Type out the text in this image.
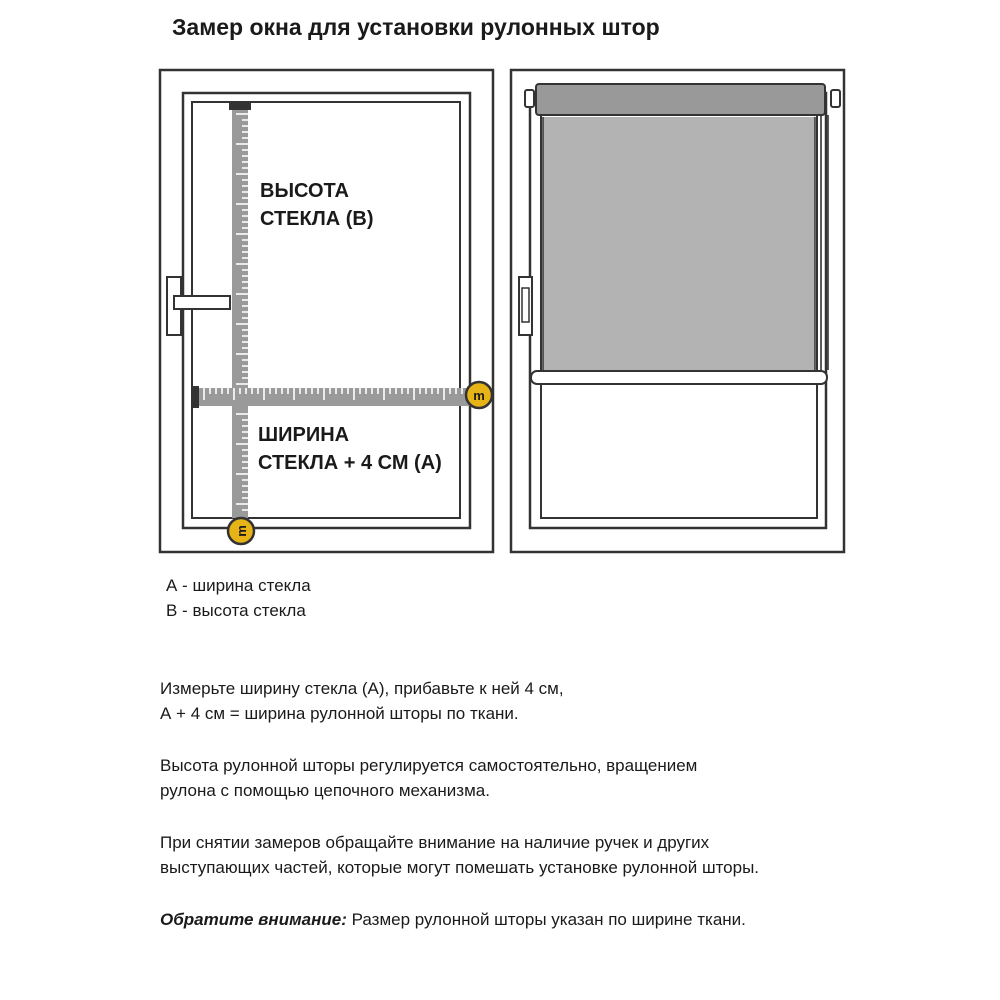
Замер окна для установки рулонных штор
m
m
ВЫСОТА
СТЕКЛА (В)
ШИРИНА
СТЕКЛА + 4 СМ (А)
А - ширина стекла
В - высота стекла

Измерьте ширину стекла (А), прибавьте к ней 4 см,
А + 4 см = ширина рулонной шторы по ткани.

Высота рулонной шторы регулируется самостоятельно, вращением
рулона с помощью цепочного механизма.

При снятии замеров обращайте внимание на наличие ручек и других
выступающих частей, которые могут помешать установке рулонной шторы.

Обратите внимание: Размер рулонной шторы указан по ширине ткани.
